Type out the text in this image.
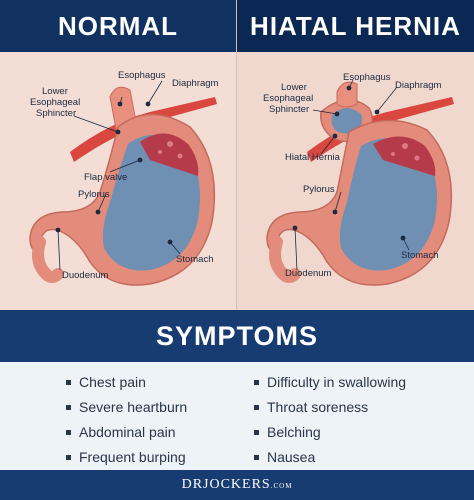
NORMAL	HIATAL HERNIA
Esophagus
Diaphragm
Lower
Esophageal
Sphincter
Flap valve
Pylorus
Stomach
Duodenum
Esophagus
Diaphragm
Lower
Esophageal
Sphincter
Hiatal Hernia
Pylorus
Stomach
Duodenum
SYMPTOMS
Chest pain
Severe heartburn
Abdominal pain
Frequent burping
Difficulty in swallowing
Throat soreness
Belching
Nausea
DRJOCKERS.COM
